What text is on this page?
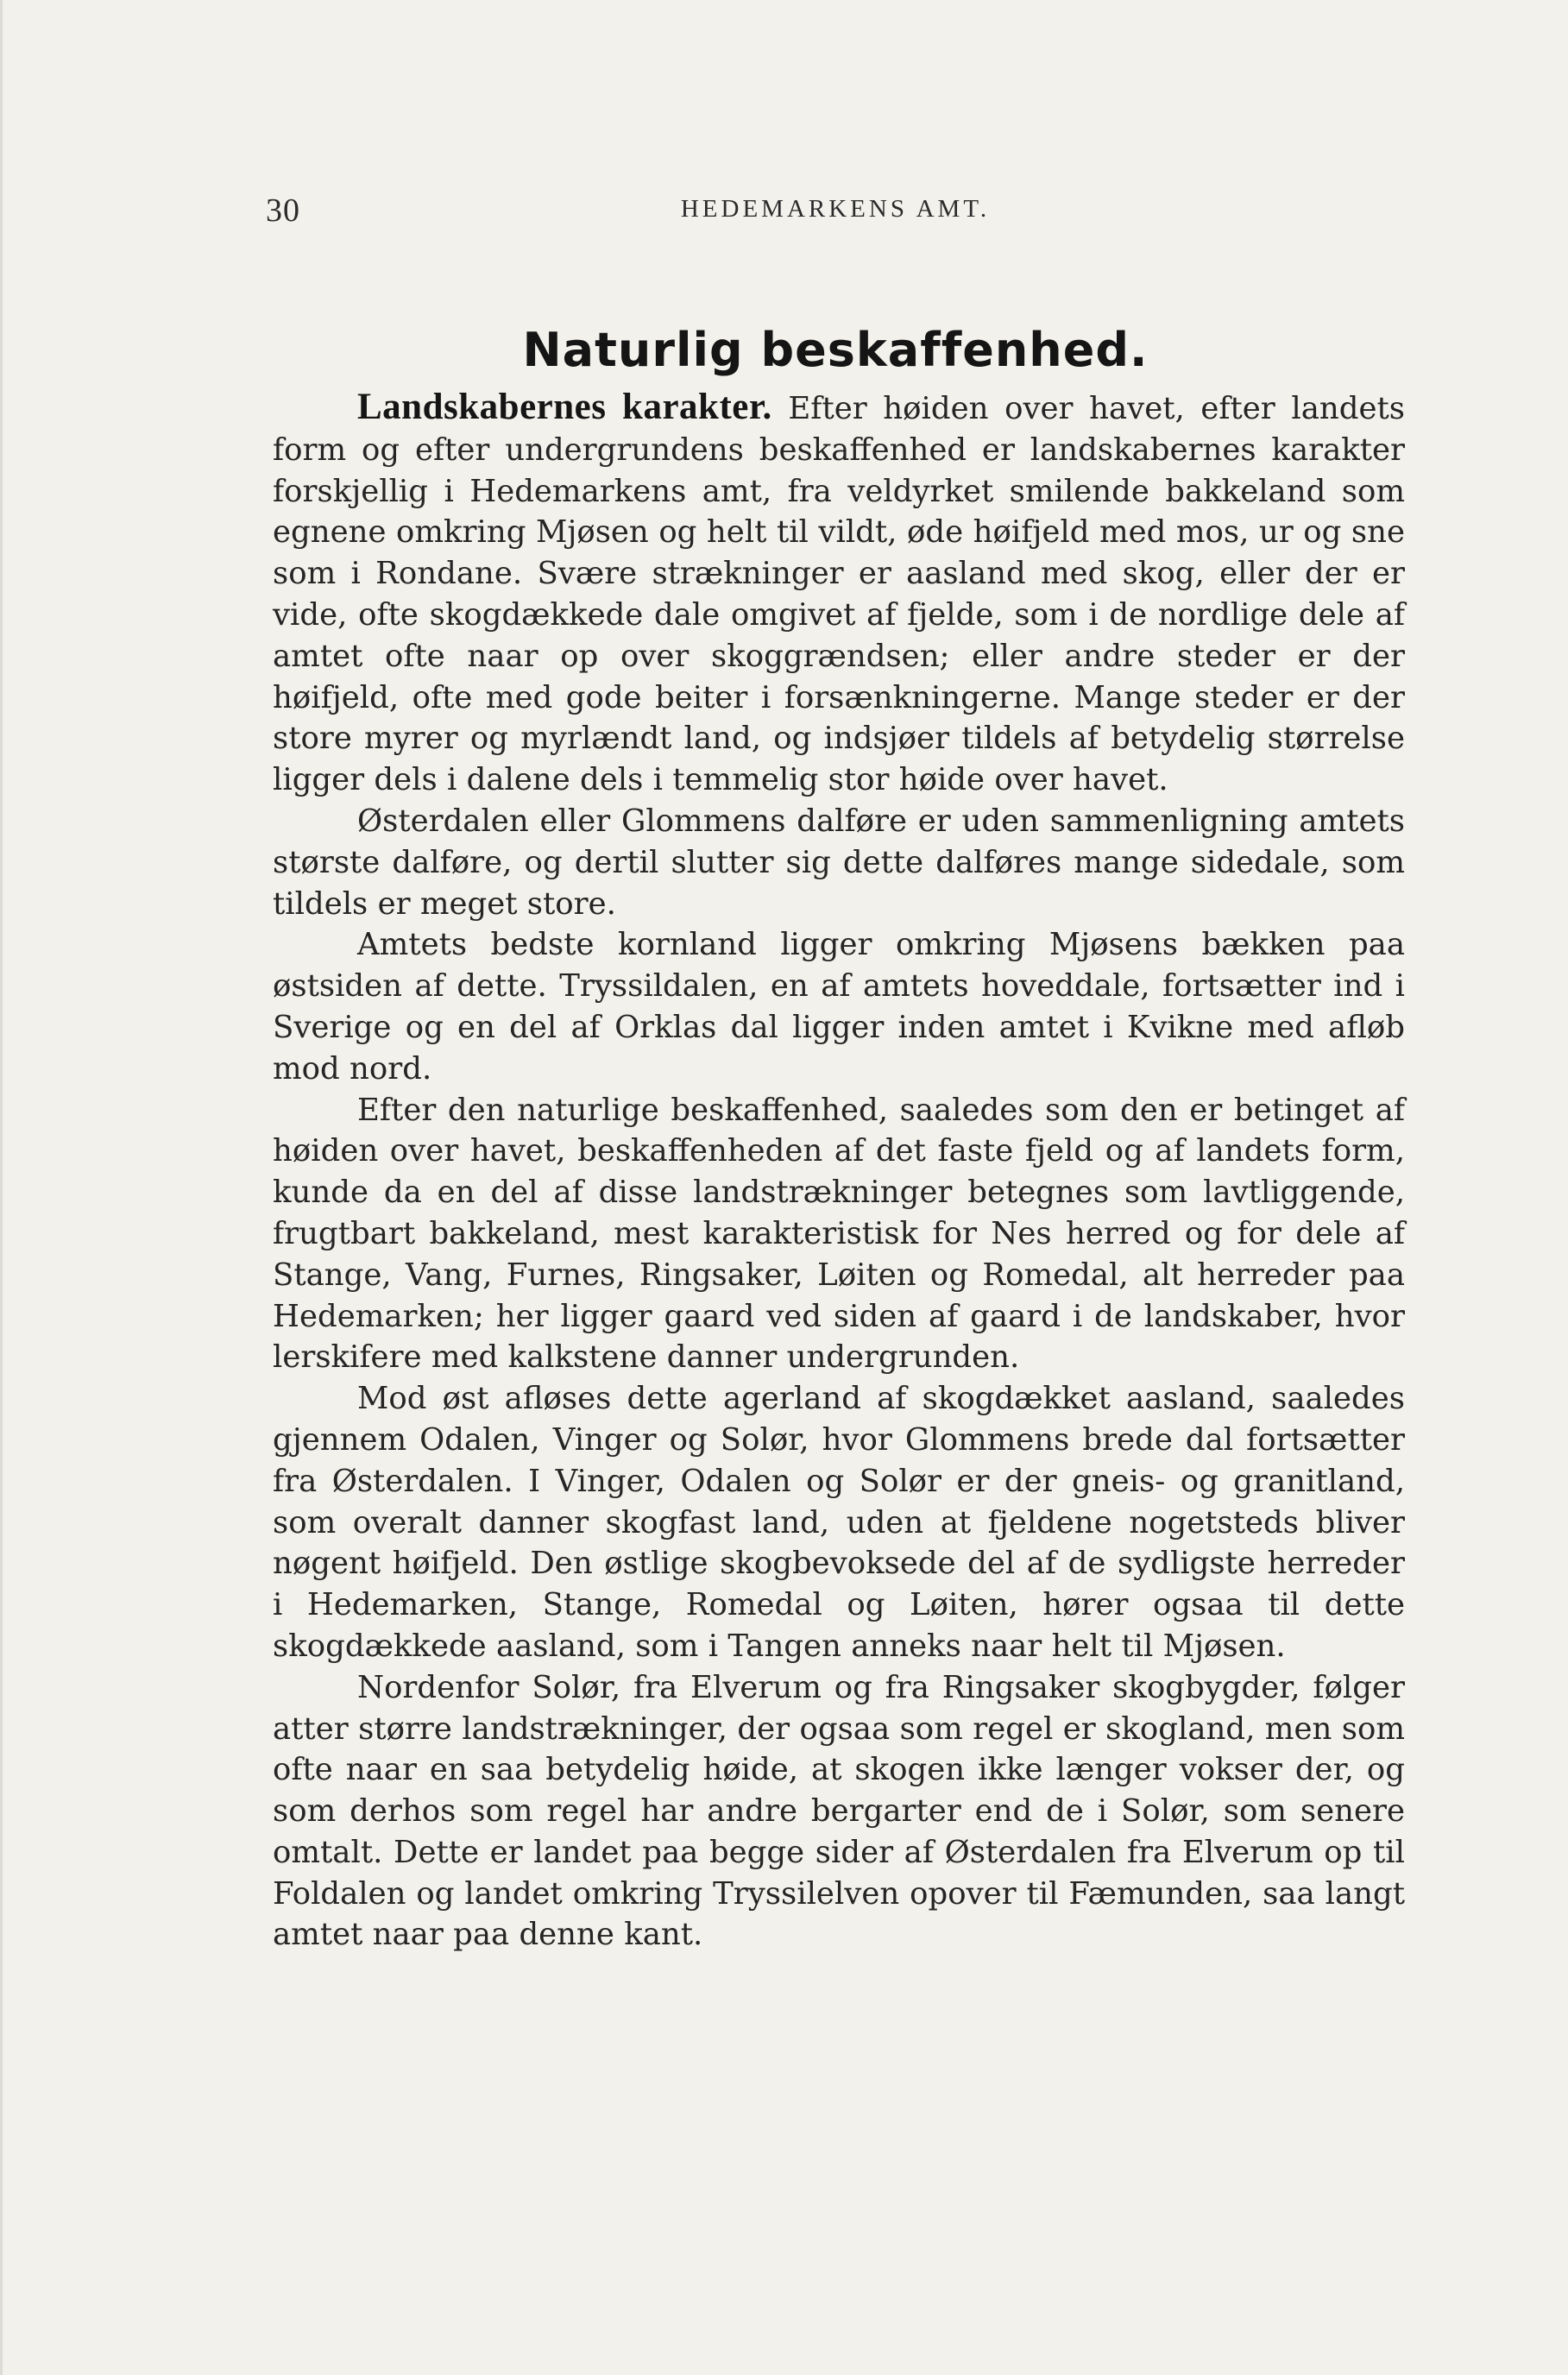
30	HEDEMARKENS AMT.
Naturlig beskaffenhed.

Landskabernes karakter. Efter høiden over havet, efter landets form og efter undergrundens beskaffenhed er landskabernes karakter forskjellig i Hedemarkens amt, fra veldyrket smilende bakkeland som egnene omkring Mjøsen og helt til vildt, øde høifjeld med mos, ur og sne som i Rondane. Svære strækninger er aasland med skog, eller der er vide, ofte skogdækkede dale omgivet af fjelde, som i de nordlige dele af amtet ofte naar op over skoggrændsen; eller andre steder er der høifjeld, ofte med gode beiter i forsænkningerne. Mange steder er der store myrer og myrlændt land, og indsjøer tildels af betydelig størrelse ligger dels i dalene dels i temmelig stor høide over havet.

Østerdalen eller Glommens dalføre er uden sammenligning amtets største dalføre, og dertil slutter sig dette dalføres mange sidedale, som tildels er meget store.

Amtets bedste kornland ligger omkring Mjøsens bækken paa østsiden af dette. Tryssildalen, en af amtets hoveddale, fortsætter ind i Sverige og en del af Orklas dal ligger inden amtet i Kvikne med afløb mod nord.

Efter den naturlige beskaffenhed, saaledes som den er betinget af høiden over havet, beskaffenheden af det faste fjeld og af landets form, kunde da en del af disse landstrækninger betegnes som lavtliggende, frugtbart bakkeland, mest karakteristisk for Nes herred og for dele af Stange, Vang, Furnes, Ringsaker, Løiten og Romedal, alt herreder paa Hedemarken; her ligger gaard ved siden af gaard i de landskaber, hvor lerskifere med kalkstene danner undergrunden.

Mod øst afløses dette agerland af skogdækket aasland, saaledes gjennem Odalen, Vinger og Solør, hvor Glommens brede dal fortsætter fra Østerdalen. I Vinger, Odalen og Solør er der gneis- og granitland, som overalt danner skogfast land, uden at fjeldene nogetsteds bliver nøgent høifjeld. Den østlige skogbevoksede del af de sydligste herreder i Hedemarken, Stange, Romedal og Løiten, hører ogsaa til dette skogdækkede aasland, som i Tangen anneks naar helt til Mjøsen.

Nordenfor Solør, fra Elverum og fra Ringsaker skogbygder, følger atter større landstrækninger, der ogsaa som regel er skogland, men som ofte naar en saa betydelig høide, at skogen ikke længer vokser der, og som derhos som regel har andre bergarter end de i Solør, som senere omtalt. Dette er landet paa begge sider af Østerdalen fra Elverum op til Foldalen og landet omkring Tryssilelven opover til Fæmunden, saa langt amtet naar paa denne kant.
